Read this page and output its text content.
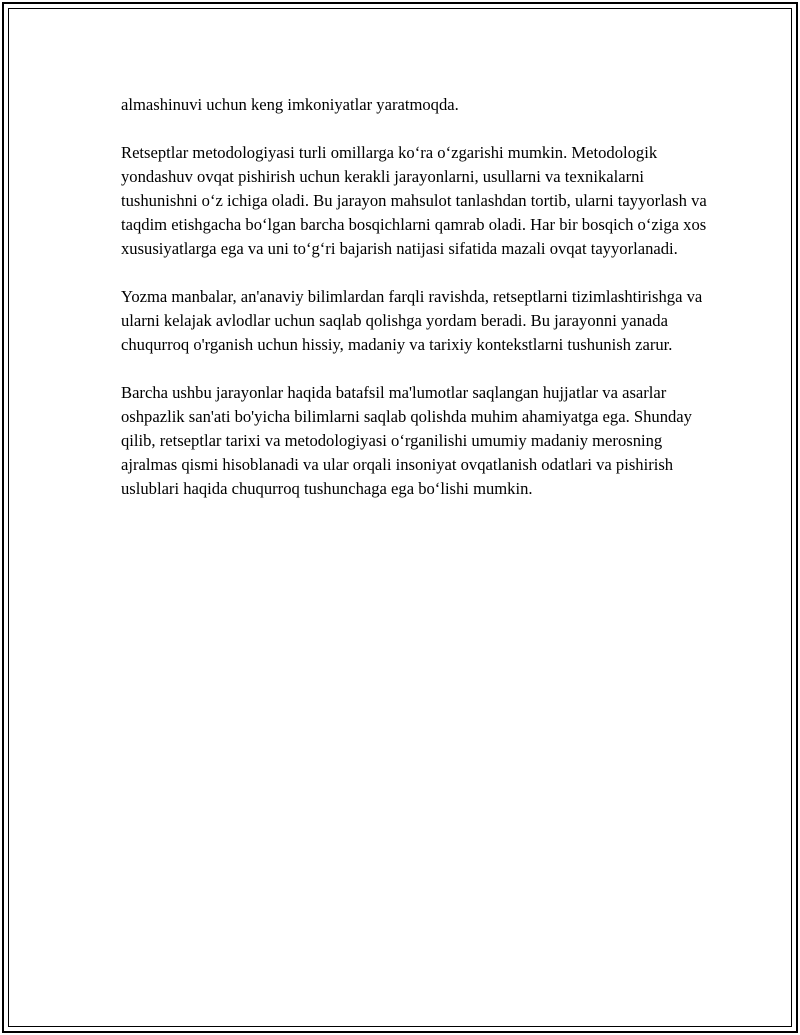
almashinuvi uchun keng imkoniyatlar yaratmoqda.

Retseptlar metodologiyasi turli omillarga koʻra oʻzgarishi mumkin. Metodologik yondashuv ovqat pishirish uchun kerakli jarayonlarni, usullarni va texnikalarni tushunishni oʻz ichiga oladi. Bu jarayon mahsulot tanlashdan tortib, ularni tayyorlash va taqdim etishgacha boʻlgan barcha bosqichlarni qamrab oladi. Har bir bosqich oʻziga xos xususiyatlarga ega va uni toʻgʻri bajarish natijasi sifatida mazali ovqat tayyorlanadi.

Yozma manbalar, an'anaviy bilimlardan farqli ravishda, retseptlarni tizimlashtirishga va ularni kelajak avlodlar uchun saqlab qolishga yordam beradi. Bu jarayonni yanada chuqurroq o'rganish uchun hissiy, madaniy va tarixiy kontekstlarni tushunish zarur.

Barcha ushbu jarayonlar haqida batafsil ma'lumotlar saqlangan hujjatlar va asarlar oshpazlik san'ati bo'yicha bilimlarni saqlab qolishda muhim ahamiyatga ega. Shunday qilib, retseptlar tarixi va metodologiyasi oʻrganilishi umumiy madaniy merosning ajralmas qismi hisoblanadi va ular orqali insoniyat ovqatlanish odatlari va pishirish uslublari haqida chuqurroq tushunchaga ega boʻlishi mumkin.
